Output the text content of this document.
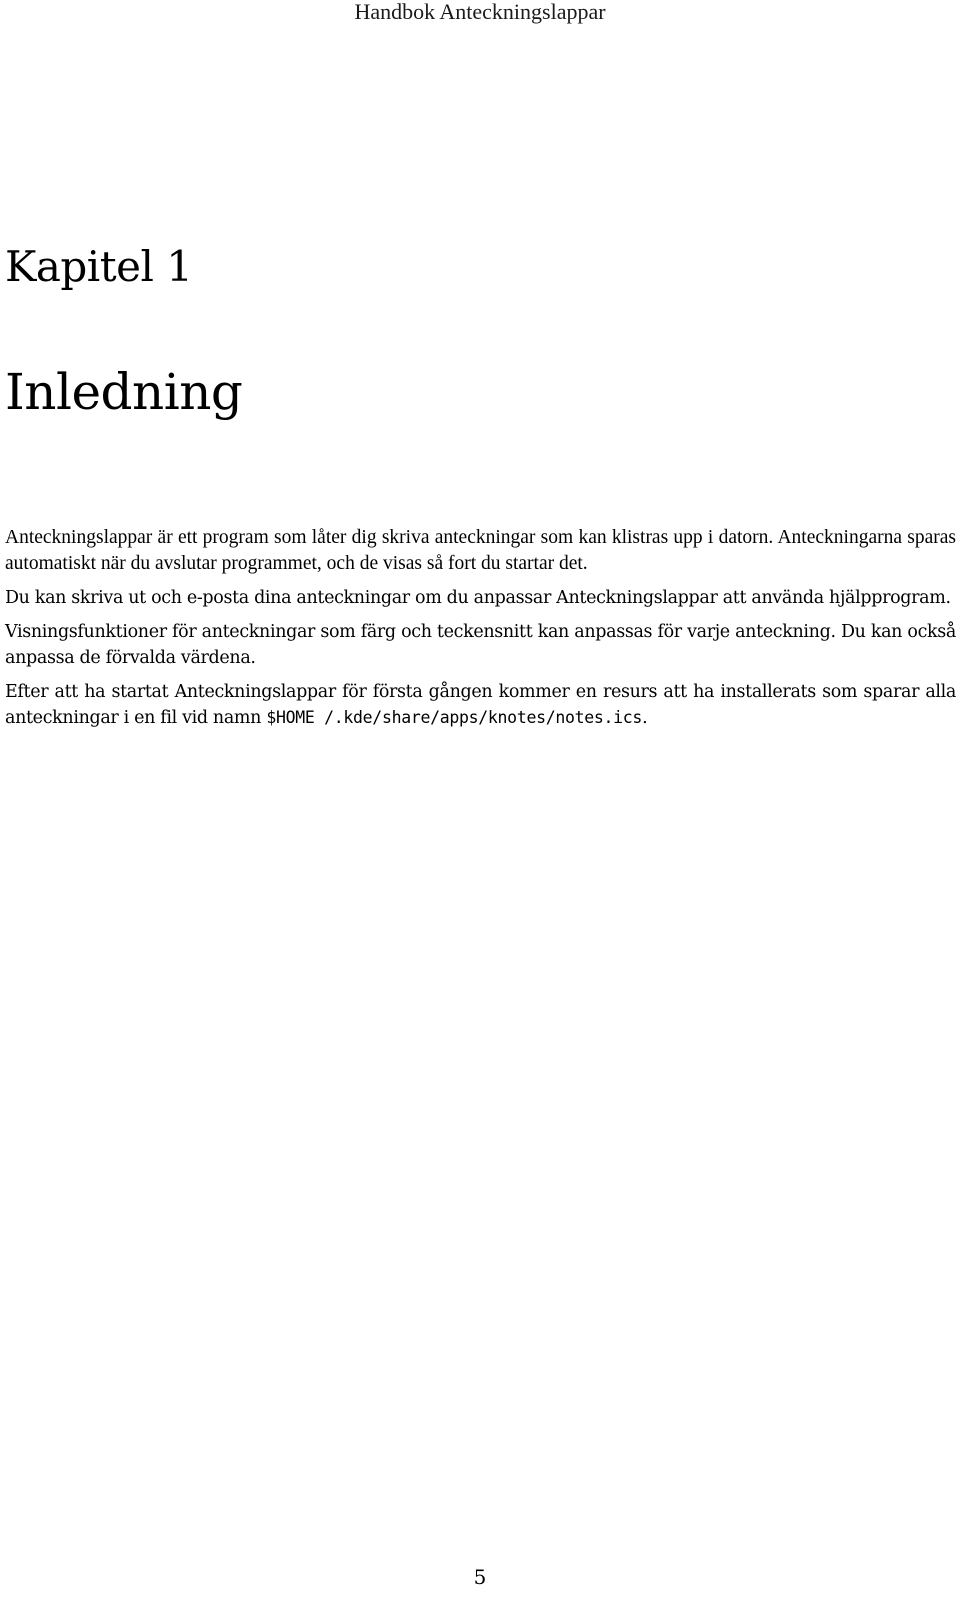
Handbok Anteckningslappar
Kapitel 1
Inledning

Anteckningslappar är ett program som låter dig skriva anteckningar som kan klistras upp i datorn. Anteckningarna sparas automatiskt när du avslutar programmet, och de visas så fort du startar det.

Du kan skriva ut och e-posta dina anteckningar om du anpassar Anteckningslappar att använda hjälpprogram.

Visningsfunktioner för anteckningar som färg och teckensnitt kan anpassas för varje anteckning. Du kan också anpassa de förvalda värdena.

Efter att ha startat Anteckningslappar för första gången kommer en resurs att ha installerats som sparar alla anteckningar i en fil vid namn $HOME /.kde/share/apps/knotes/notes.ics.

5
